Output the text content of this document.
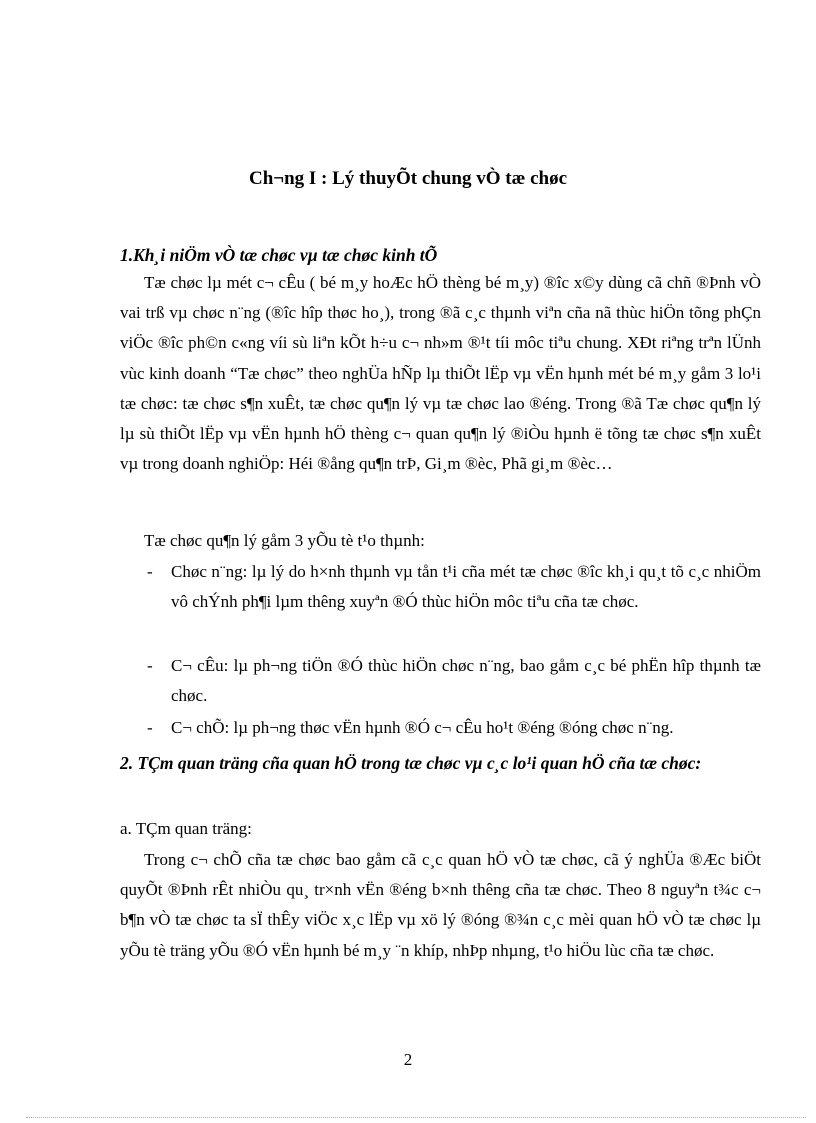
Ch¬ng I : Lý thuyÕt chung vÒ tæ chøc
1.Kh¸i niÖm vÒ tæ chøc vµ tæ chøc kinh tÕ
Tæ chøc lµ mét c¬ cÊu ( bé m¸y hoÆc hÖ thèng bé m¸y) ®îc x©y dùng cã chñ ®Þnh vÒ vai trß vµ chøc n¨ng (®îc hîp thøc ho¸), trong ®ã c¸c thµnh viªn cña nã thùc hiÖn tõng phÇn viÖc ®îc ph©n c«ng víi sù liªn kÕt h÷u c¬ nh»m ®¹t tíi môc tiªu chung. XÐt riªng trªn lÜnh vùc kinh doanh “Tæ chøc” theo nghÜa hÑp lµ thiÕt lËp vµ vËn hµnh mét bé m¸y gåm 3 lo¹i tæ chøc: tæ chøc s¶n xuÊt, tæ chøc qu¶n lý vµ tæ chøc lao ®éng. Trong ®ã Tæ chøc qu¶n lý lµ sù thiÕt lËp vµ vËn hµnh hÖ thèng c¬ quan qu¶n lý ®iÒu hµnh ë tõng tæ chøc s¶n xuÊt vµ trong doanh nghiÖp: Héi ®ång qu¶n trÞ, Gi¸m ®èc, Phã gi¸m ®èc…
Tæ chøc qu¶n lý gåm 3 yÕu tè t¹o thµnh:
- Chøc n¨ng: lµ lý do h×nh thµnh vµ tån t¹i cña mét tæ chøc ®îc kh¸i qu¸t tõ c¸c nhiÖm vô chÝnh ph¶i lµm thêng xuyªn ®Ó thùc hiÖn môc tiªu cña tæ chøc.
- C¬ cÊu: lµ ph¬ng tiÖn ®Ó thùc hiÖn chøc n¨ng, bao gåm c¸c bé phËn hîp thµnh tæ chøc.
- C¬ chÕ: lµ ph¬ng thøc vËn hµnh ®Ó c¬ cÊu ho¹t ®éng ®óng chøc n¨ng.
2. TÇm quan träng cña quan hÖ trong tæ chøc vµ c¸c lo¹i quan hÖ cña tæ chøc:
a. TÇm quan träng:
Trong c¬ chÕ cña tæ chøc bao gåm cã c¸c quan hÖ vÒ tæ chøc, cã ý nghÜa ®Æc biÖt quyÕt ®Þnh rÊt nhiÒu qu¸ tr×nh vËn ®éng b×nh thêng cña tæ chøc. Theo 8 nguyªn t¾c c¬ b¶n vÒ tæ chøc ta sÏ thÊy viÖc x¸c lËp vµ xö lý ®óng ®¾n c¸c mèi quan hÖ vÒ tæ chøc lµ yÕu tè träng yÕu ®Ó vËn hµnh bé m¸y ¨n khíp, nhÞp nhµng, t¹o hiÖu lùc cña tæ chøc.
2
